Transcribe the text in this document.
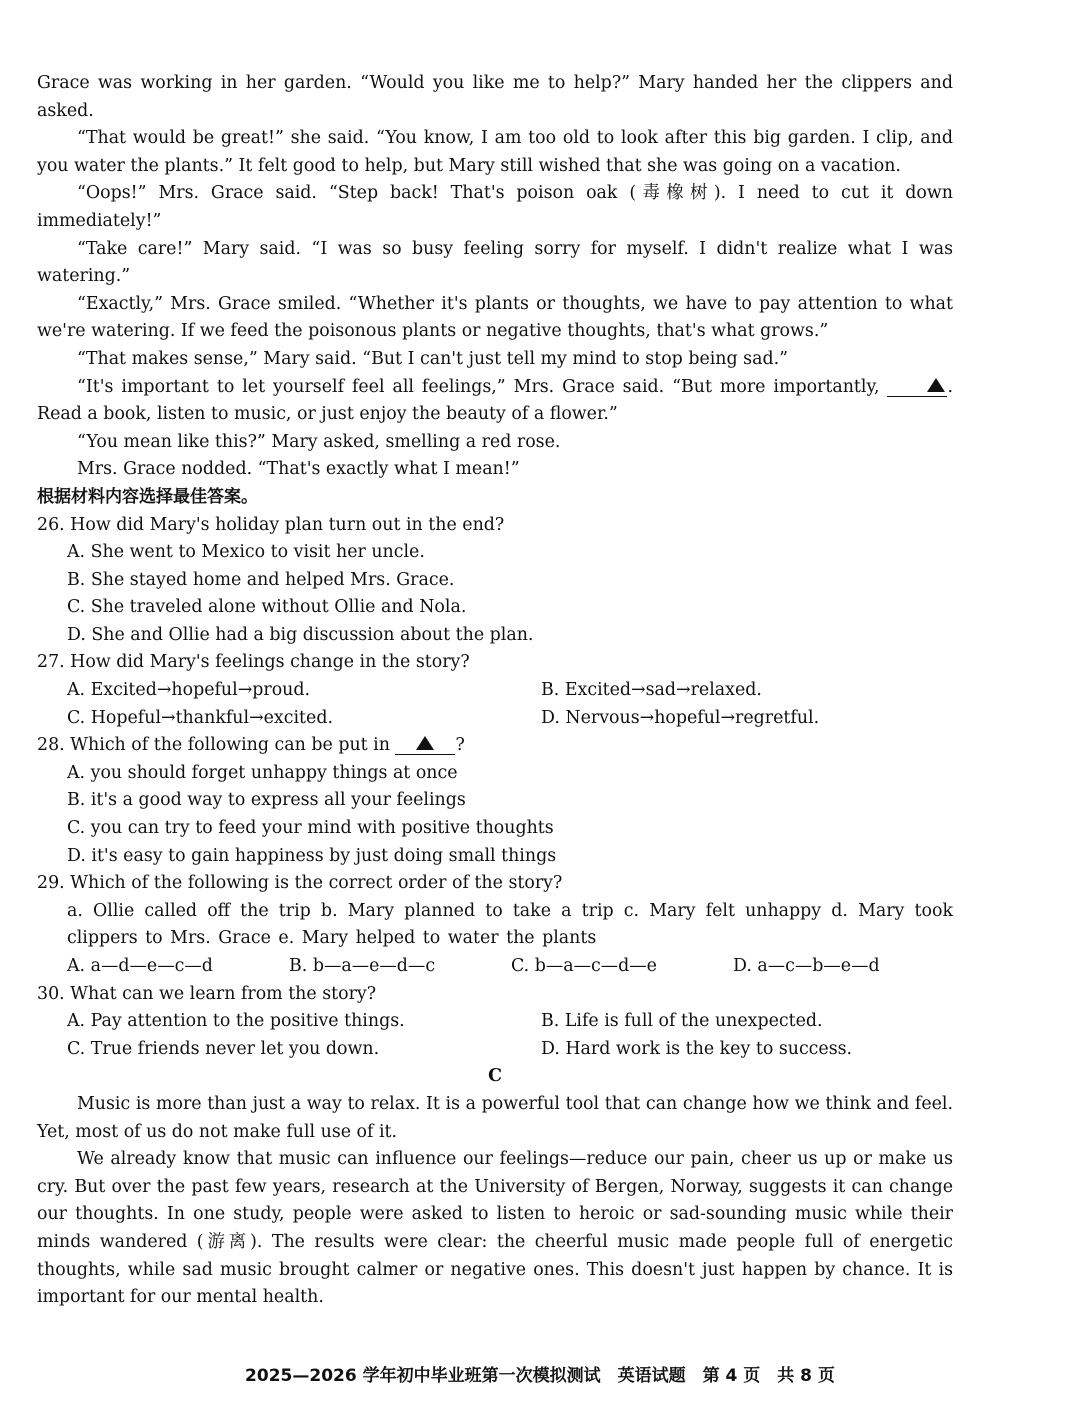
Grace was working in her garden. “Would you like me to help?” Mary handed her the clippers and asked.

“That would be great!” she said. “You know, I am too old to look after this big garden. I clip, and you water the plants.” It felt good to help, but Mary still wished that she was going on a vacation.

“Oops!” Mrs. Grace said. “Step back! That's poison oak (毒橡树). I need to cut it down immediately!”

“Take care!” Mary said. “I was so busy feeling sorry for myself. I didn't realize what I was watering.”

“Exactly,” Mrs. Grace smiled. “Whether it's plants or thoughts, we have to pay attention to what we're watering. If we feed the poisonous plants or negative thoughts, that's what grows.”

“That makes sense,” Mary said. “But I can't just tell my mind to stop being sad.”

“It's important to let yourself feel all feelings,” Mrs. Grace said. “But more importantly,	. Read a book, listen to music, or just enjoy the beauty of a flower.”

“You mean like this?” Mary asked, smelling a red rose.

Mrs. Grace nodded. “That's exactly what I mean!”

根据材料内容选择最佳答案。

26. How did Mary's holiday plan turn out in the end?

A. She went to Mexico to visit her uncle.

B. She stayed home and helped Mrs. Grace.

C. She traveled alone without Ollie and Nola.

D. She and Ollie had a big discussion about the plan.

27. How did Mary's feelings change in the story?

A. Excited→hopeful→proud.	B. Excited→sad→relaxed.
C. Hopeful→thankful→excited.	D. Nervous→hopeful→regretful.

28. Which of the following can be put in	?

A. you should forget unhappy things at once

B. it's a good way to express all your feelings

C. you can try to feed your mind with positive thoughts

D. it's easy to gain happiness by just doing small things

29. Which of the following is the correct order of the story?

a. Ollie called off the trip b. Mary planned to take a trip c. Mary felt unhappy d. Mary took clippers to Mrs. Grace e. Mary helped to water the plants

A. a—d—e—c—d	B. b—a—e—d—c	C. b—a—c—d—e	D. a—c—b—e—d

30. What can we learn from the story?

A. Pay attention to the positive things.	B. Life is full of the unexpected.
C. True friends never let you down.	D. Hard work is the key to success.

C

Music is more than just a way to relax. It is a powerful tool that can change how we think and feel. Yet, most of us do not make full use of it.

We already know that music can influence our feelings—reduce our pain, cheer us up or make us cry. But over the past few years, research at the University of Bergen, Norway, suggests it can change our thoughts. In one study, people were asked to listen to heroic or sad-sounding music while their minds wandered (游离). The results were clear: the cheerful music made people full of energetic thoughts, while sad music brought calmer or negative ones. This doesn't just happen by chance. It is important for our mental health.

2025—2026 学年初中毕业班第一次模拟测试　英语试题　第 4 页　共 8 页
